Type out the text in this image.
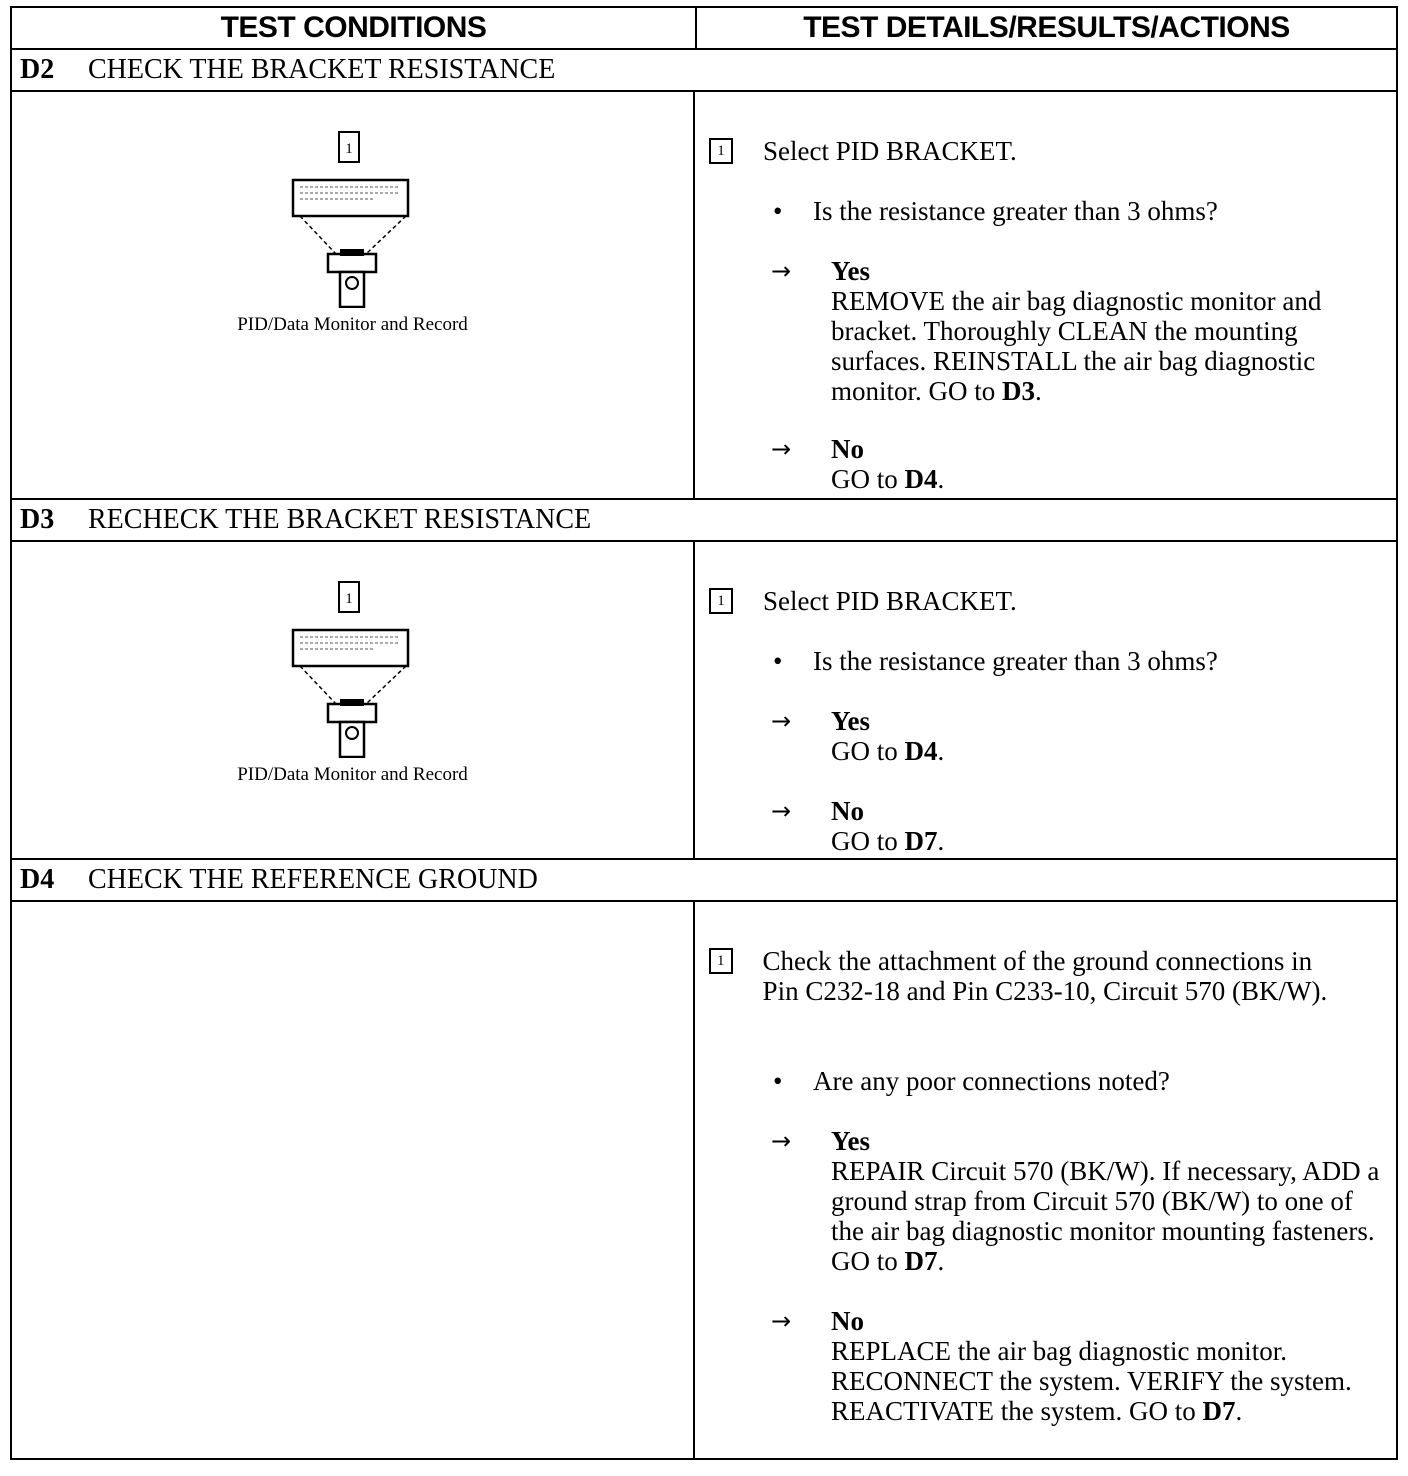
TEST CONDITIONS	TEST DETAILS/RESULTS/ACTIONS
D2	CHECK THE BRACKET RESISTANCE
1
PID/Data Monitor and Record
1	Select PID BRACKET.
•	Is the resistance greater than 3 ohms?
→	Yes
REMOVE the air bag diagnostic monitor and bracket. Thoroughly CLEAN the mounting surfaces. REINSTALL the air bag diagnostic monitor. GO to D3.
→	No
GO to D4.
D3	RECHECK THE BRACKET RESISTANCE
1
PID/Data Monitor and Record
1	Select PID BRACKET.
•	Is the resistance greater than 3 ohms?
→	Yes
GO to D4.
→	No
GO to D7.
D4	CHECK THE REFERENCE GROUND
1 Check the attachment of the ground connections in Pin C232-18 and Pin C233-10, Circuit 570 (BK/W).
•	Are any poor connections noted?
→	Yes
REPAIR Circuit 570 (BK/W). If necessary, ADD a ground strap from Circuit 570 (BK/W) to one of the air bag diagnostic monitor mounting fasteners. GO to D7.
→	No
REPLACE the air bag diagnostic monitor. RECONNECT the system. VERIFY the system. REACTIVATE the system. GO to D7.
